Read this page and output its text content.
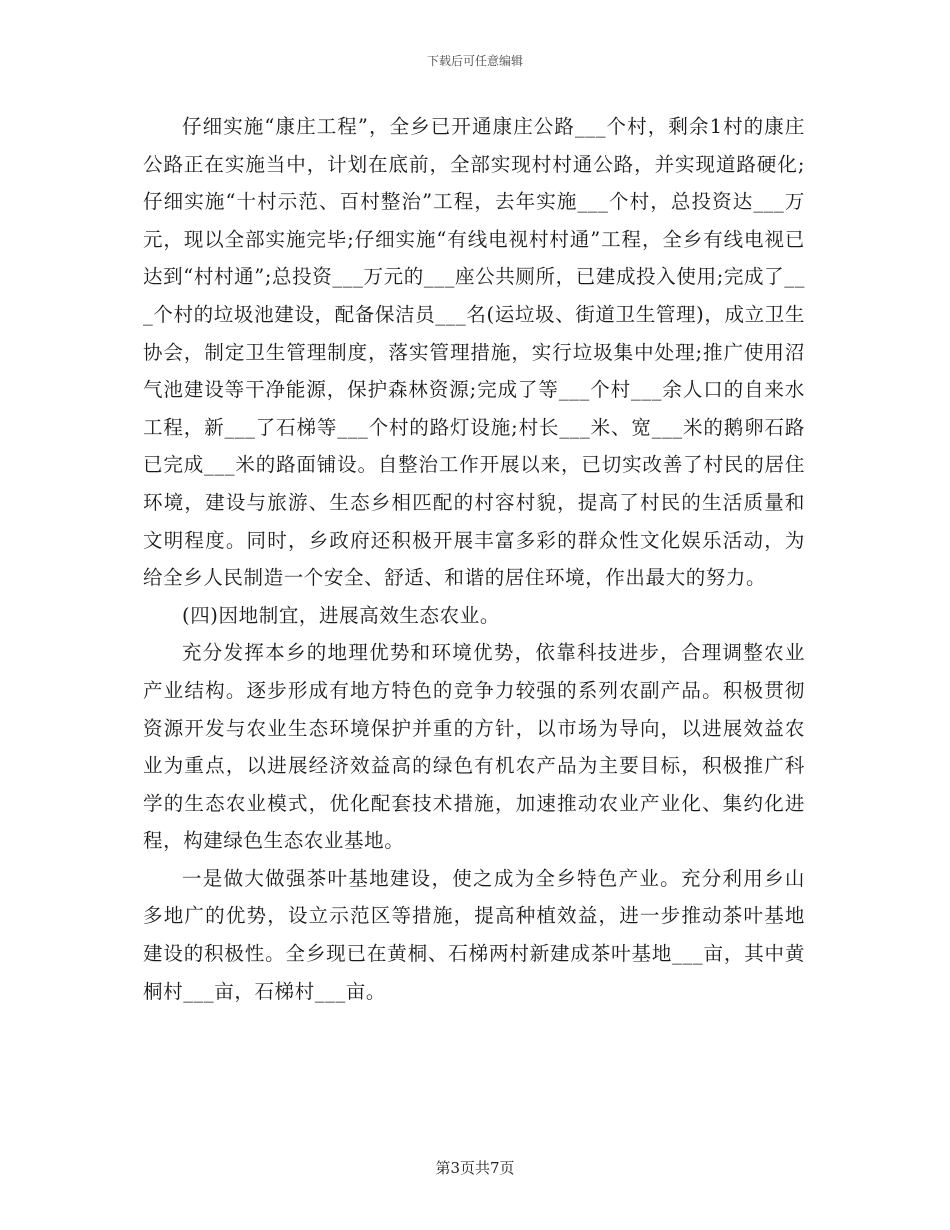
下载后可任意编辑

仔细实施“康庄工程”，全乡已开通康庄公路___个村，剩余1村的康庄公路正在实施当中，计划在底前，全部实现村村通公路，并实现道路硬化;仔细实施“十村示范、百村整治”工程，去年实施___个村，总投资达___万元，现以全部实施完毕;仔细实施“有线电视村村通”工程，全乡有线电视已达到“村村通”;总投资___万元的___座公共厕所，已建成投入使用;完成了___个村的垃圾池建设，配备保洁员___名(运垃圾、街道卫生管理)，成立卫生协会，制定卫生管理制度，落实管理措施，实行垃圾集中处理;推广使用沼气池建设等干净能源，保护森林资源;完成了等___个村___余人口的自来水工程，新___了石梯等___个村的路灯设施;村长___米、宽___米的鹅卵石路已完成___米的路面铺设。自整治工作开展以来，已切实改善了村民的居住环境，建设与旅游、生态乡相匹配的村容村貌，提高了村民的生活质量和文明程度。同时，乡政府还积极开展丰富多彩的群众性文化娱乐活动，为给全乡人民制造一个安全、舒适、和谐的居住环境，作出最大的努力。

(四)因地制宜，进展高效生态农业。

充分发挥本乡的地理优势和环境优势，依靠科技进步，合理调整农业产业结构。逐步形成有地方特色的竞争力较强的系列农副产品。积极贯彻资源开发与农业生态环境保护并重的方针，以市场为导向，以进展效益农业为重点，以进展经济效益高的绿色有机农产品为主要目标，积极推广科学的生态农业模式，优化配套技术措施，加速推动农业产业化、集约化进程，构建绿色生态农业基地。

一是做大做强茶叶基地建设，使之成为全乡特色产业。充分利用乡山多地广的优势，设立示范区等措施，提高种植效益，进一步推动茶叶基地建设的积极性。全乡现已在黄桐、石梯两村新建成茶叶基地___亩，其中黄桐村___亩，石梯村___亩。

第3页共7页
